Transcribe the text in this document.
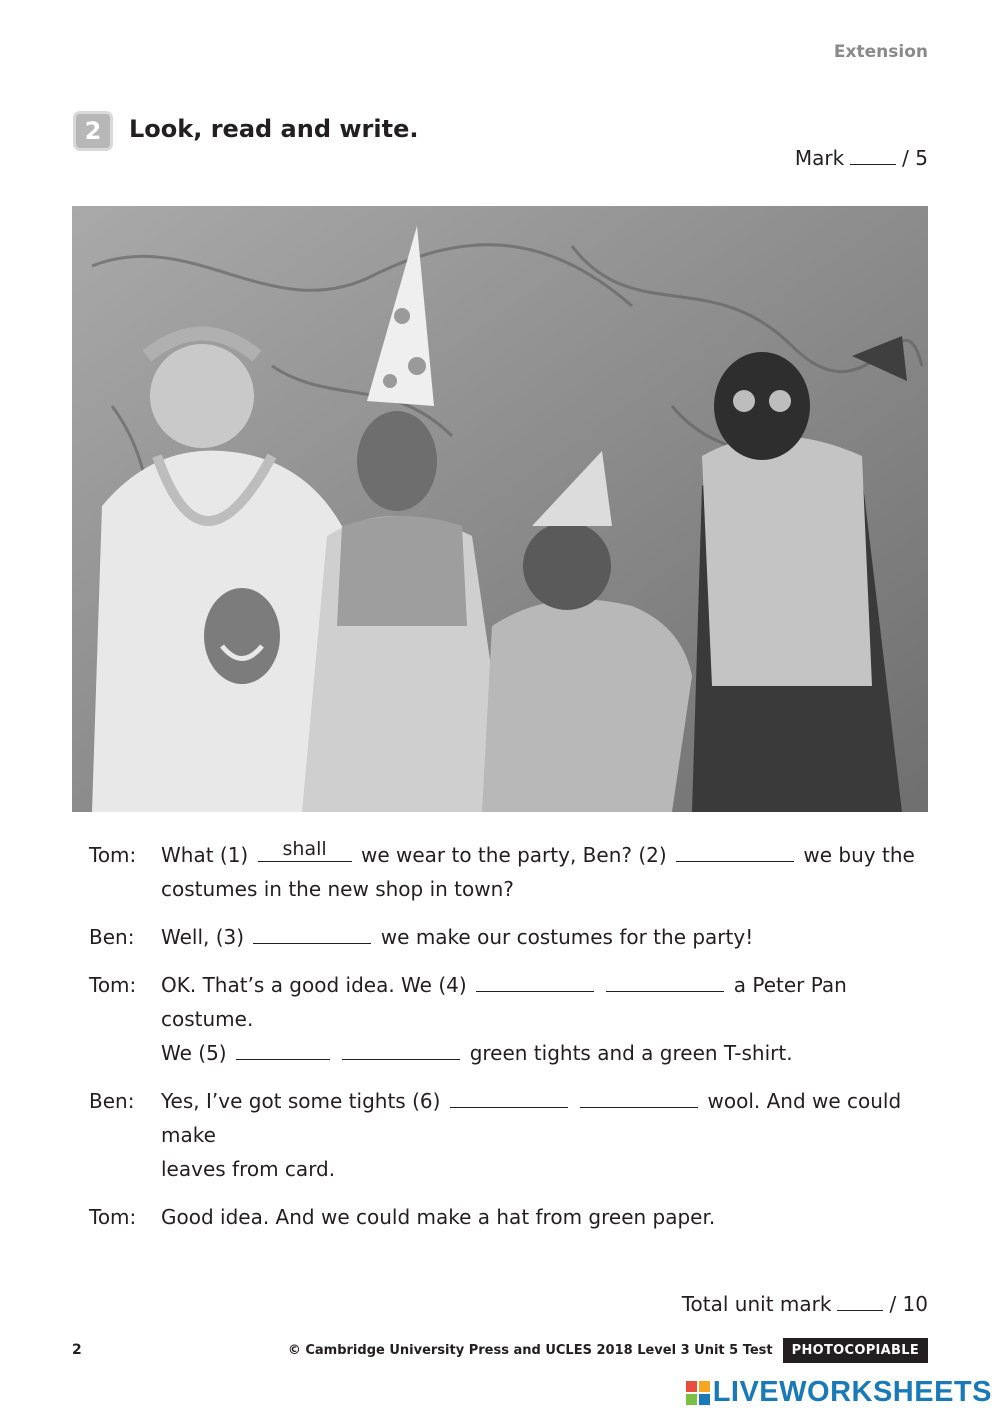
Extension
2	Look, read and write.
Mark	/ 5
Tom:	What (1)	shall	we wear to the party, Ben? (2)	we buy the
costumes in the new shop in town?
Ben:	Well, (3)	we make our costumes for the party!
Tom:	OK. That’s a good idea. We (4)	a Peter Pan costume.
We (5)	green tights and a green T-shirt.
Ben:	Yes, I’ve got some tights (6)	wool. And we could make
leaves from card.
Tom:	Good idea. And we could make a hat from green paper.
Total unit mark	/ 10
2	© Cambridge University Press and UCLES 2018 Level 3 Unit 5 Test	PHOTOCOPIABLE
LIVEWORKSHEETS
